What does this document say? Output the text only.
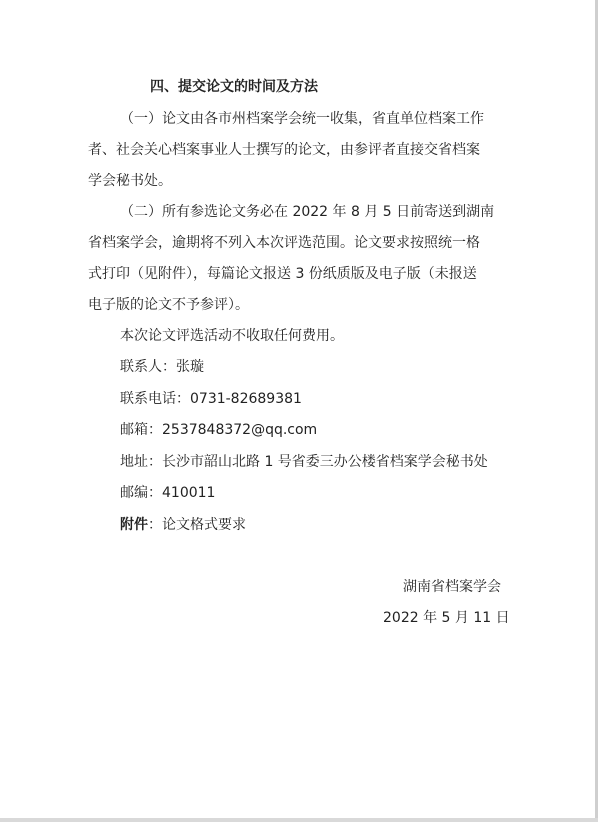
四、提交论文的时间及方法
（一）论文由各市州档案学会统一收集，省直单位档案工作
者、社会关心档案事业人士撰写的论文，由参评者直接交省档案
学会秘书处。
（二）所有参选论文务必在 2022 年 8 月 5 日前寄送到湖南
省档案学会，逾期将不列入本次评选范围。论文要求按照统一格
式打印（见附件），每篇论文报送 3 份纸质版及电子版（未报送
电子版的论文不予参评）。
本次论文评选活动不收取任何费用。
联系人：张璇
联系电话：0731-82689381
邮箱：2537848372@qq.com
地址：长沙市韶山北路 1 号省委三办公楼省档案学会秘书处
邮编：410011
附件：论文格式要求
湖南省档案学会
2022 年 5 月 11 日
